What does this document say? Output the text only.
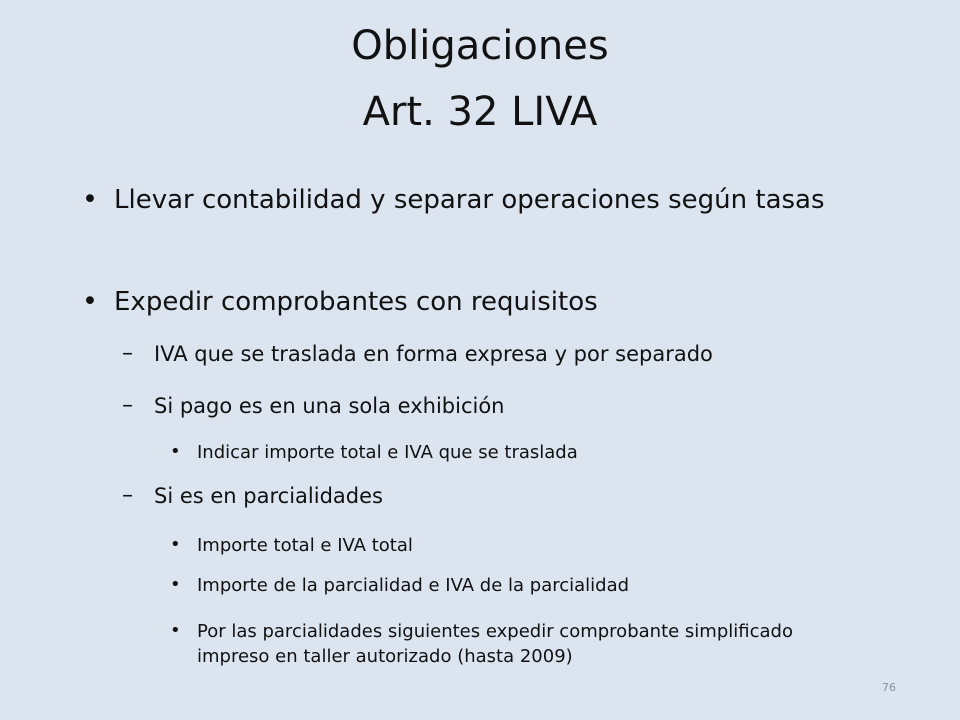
Obligaciones
Art. 32 LIVA
• Llevar contabilidad y separar operaciones según tasas
• Expedir comprobantes con requisitos
– IVA que se traslada en forma expresa y por separado
– Si pago es en una sola exhibición
• Indicar importe total e IVA que se traslada
– Si es en parcialidades
• Importe total e IVA total
• Importe de la parcialidad e IVA de la parcialidad
• Por las parcialidades siguientes expedir comprobante simplificado impreso en taller autorizado (hasta 2009)
76
